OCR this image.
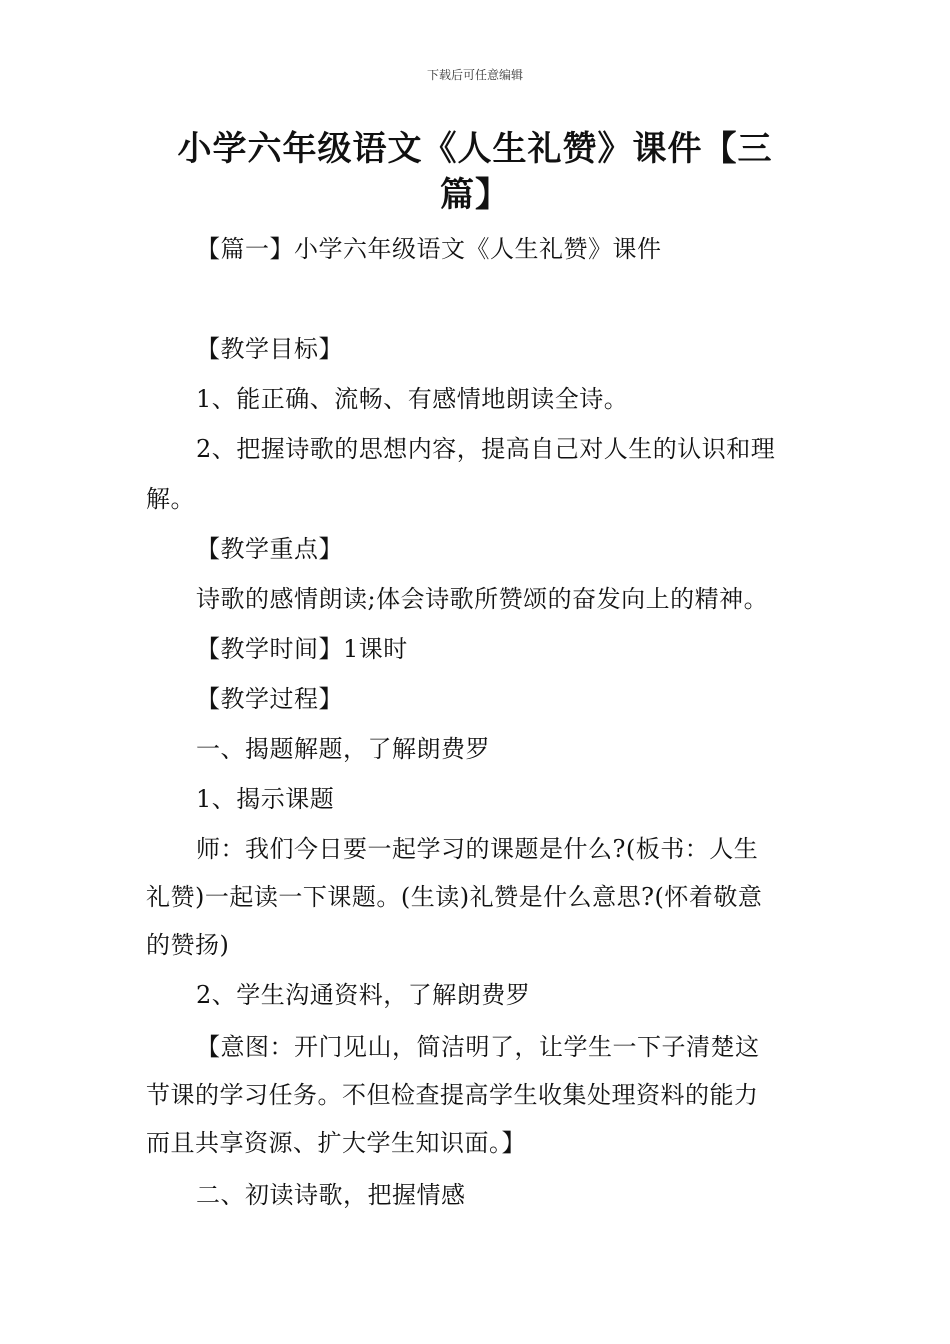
下载后可任意编辑
小学六年级语文《人生礼赞》课件【三
篇】
【篇一】小学六年级语文《人生礼赞》课件
【教学目标】
1、能正确、流畅、有感情地朗读全诗。
2、把握诗歌的思想内容，提高自己对人生的认识和理
解。
【教学重点】
诗歌的感情朗读;体会诗歌所赞颂的奋发向上的精神。
【教学时间】1课时
【教学过程】
一、揭题解题，了解朗费罗
1、揭示课题
师：我们今日要一起学习的课题是什么?(板书：人生
礼赞)一起读一下课题。(生读)礼赞是什么意思?(怀着敬意
的赞扬)
2、学生沟通资料，了解朗费罗
【意图：开门见山，简洁明了，让学生一下子清楚这
节课的学习任务。不但检查提高学生收集处理资料的能力
而且共享资源、扩大学生知识面。】
二、初读诗歌，把握情感
